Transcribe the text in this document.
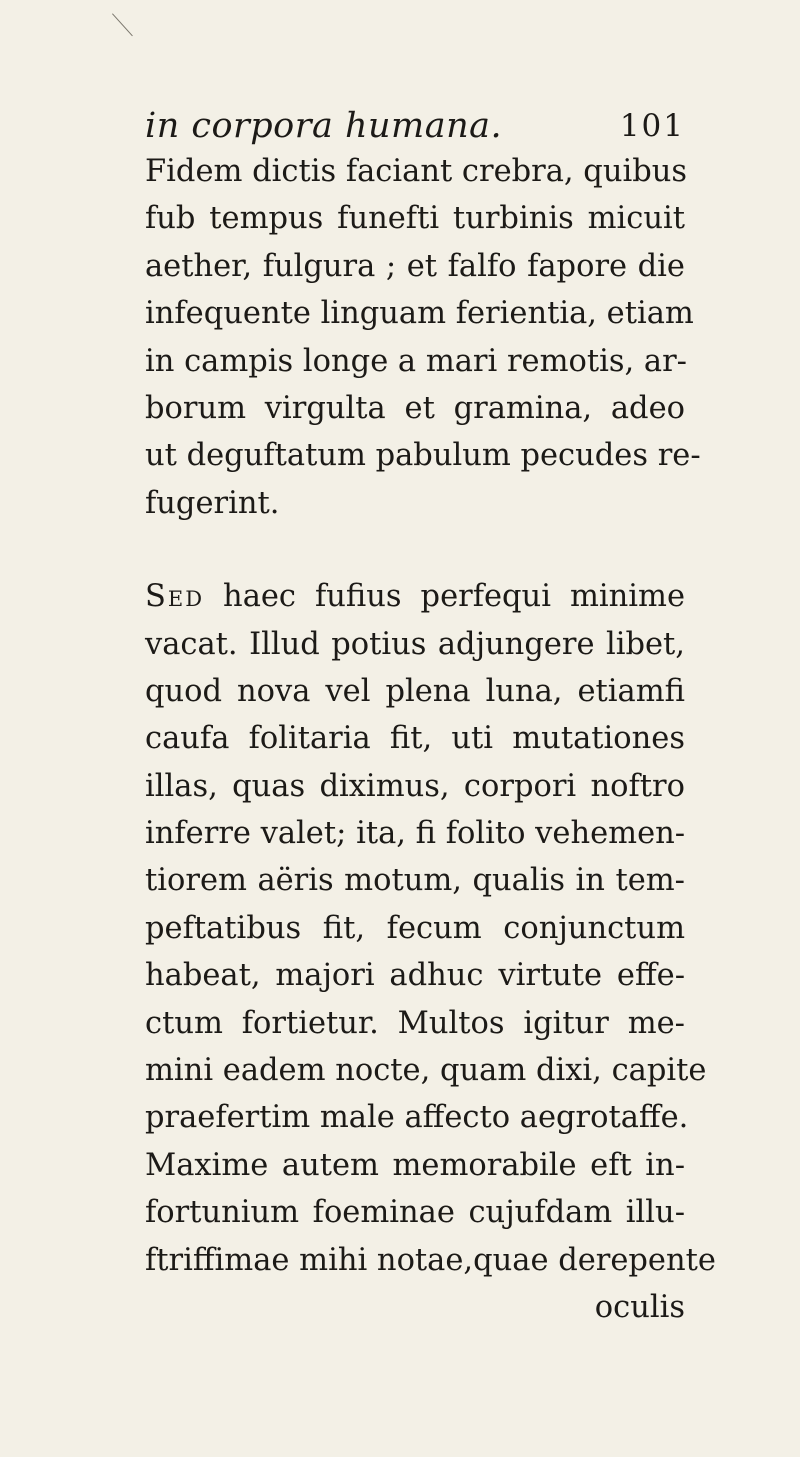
in corpora humana.	101
Fidem dictis faciant crebra, quibus
fub tempus funefti turbinis micuit
aether, fulgura ; et falfo fapore die
infequente linguam ferientia, etiam
in campis longe a mari remotis, ar-
borum virgulta et gramina, adeo
ut deguftatum pabulum pecudes re-
fugerint.
Sed haec fufius perfequi minime
vacat. Illud potius adjungere libet,
quod nova vel plena luna, etiamfi
caufa folitaria fit, uti mutationes
illas, quas diximus, corpori noftro
inferre valet; ita, fi folito vehemen-
tiorem aëris motum, qualis in tem-
peftatibus fit, fecum conjunctum
habeat, majori adhuc virtute effe-
ctum fortietur. Multos igitur me-
mini eadem nocte, quam dixi, capite
praefertim male affecto aegrotaffe.
Maxime autem memorabile eft in-
fortunium foeminae cujufdam illu-
ftriffimae mihi notae,quae derepente
oculis
